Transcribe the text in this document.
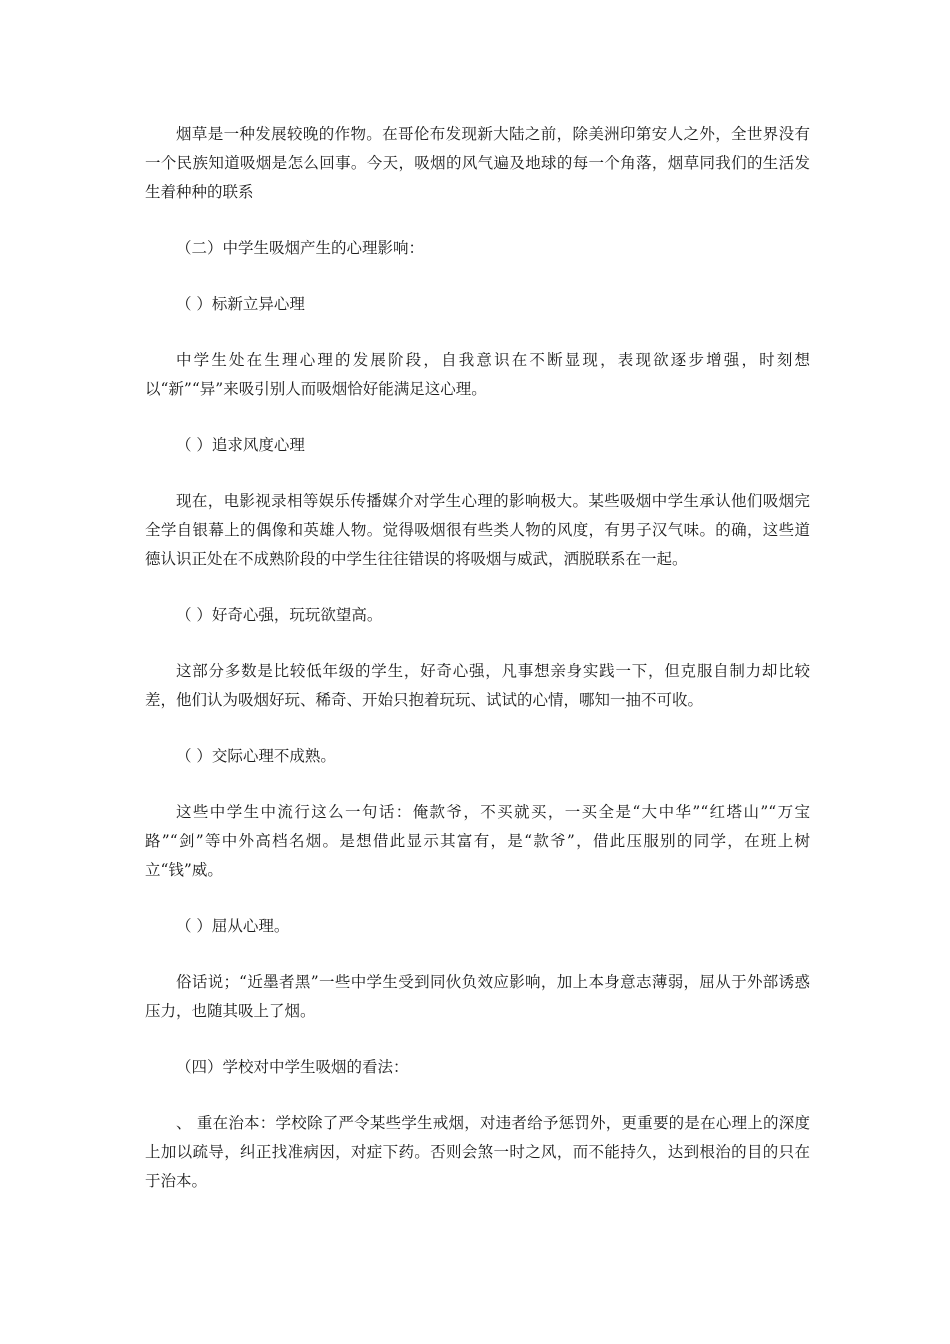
烟草是一种发展较晚的作物。在哥伦布发现新大陆之前，除美洲印第安人之外，全世界没有一个民族知道吸烟是怎么回事。今天，吸烟的风气遍及地球的每一个角落，烟草同我们的生活发生着种种的联系

（二）中学生吸烟产生的心理影响：

（ ）标新立异心理

中学生处在生理心理的发展阶段，自我意识在不断显现，表现欲逐步增强，时刻想以“新”“异”来吸引别人而吸烟恰好能满足这心理。

（ ）追求风度心理

现在，电影视录相等娱乐传播媒介对学生心理的影响极大。某些吸烟中学生承认他们吸烟完全学自银幕上的偶像和英雄人物。觉得吸烟很有些类人物的风度，有男子汉气味。的确，这些道德认识正处在不成熟阶段的中学生往往错误的将吸烟与威武，洒脱联系在一起。

（ ）好奇心强，玩玩欲望高。

这部分多数是比较低年级的学生，好奇心强，凡事想亲身实践一下，但克服自制力却比较差，他们认为吸烟好玩、稀奇、开始只抱着玩玩、试试的心情，哪知一抽不可收。

（ ）交际心理不成熟。

这些中学生中流行这么一句话：俺款爷，不买就买，一买全是“大中华”“红塔山”“万宝路”“剑”等中外高档名烟。是想借此显示其富有，是“款爷”，借此压服别的同学，在班上树立“钱”威。

（ ）屈从心理。

俗话说；“近墨者黑”一些中学生受到同伙负效应影响，加上本身意志薄弱，屈从于外部诱惑压力，也随其吸上了烟。

（四）学校对中学生吸烟的看法：

、 重在治本：学校除了严令某些学生戒烟，对违者给予惩罚外，更重要的是在心理上的深度上加以疏导，纠正找准病因，对症下药。否则会煞一时之风，而不能持久，达到根治的目的只在于治本。
